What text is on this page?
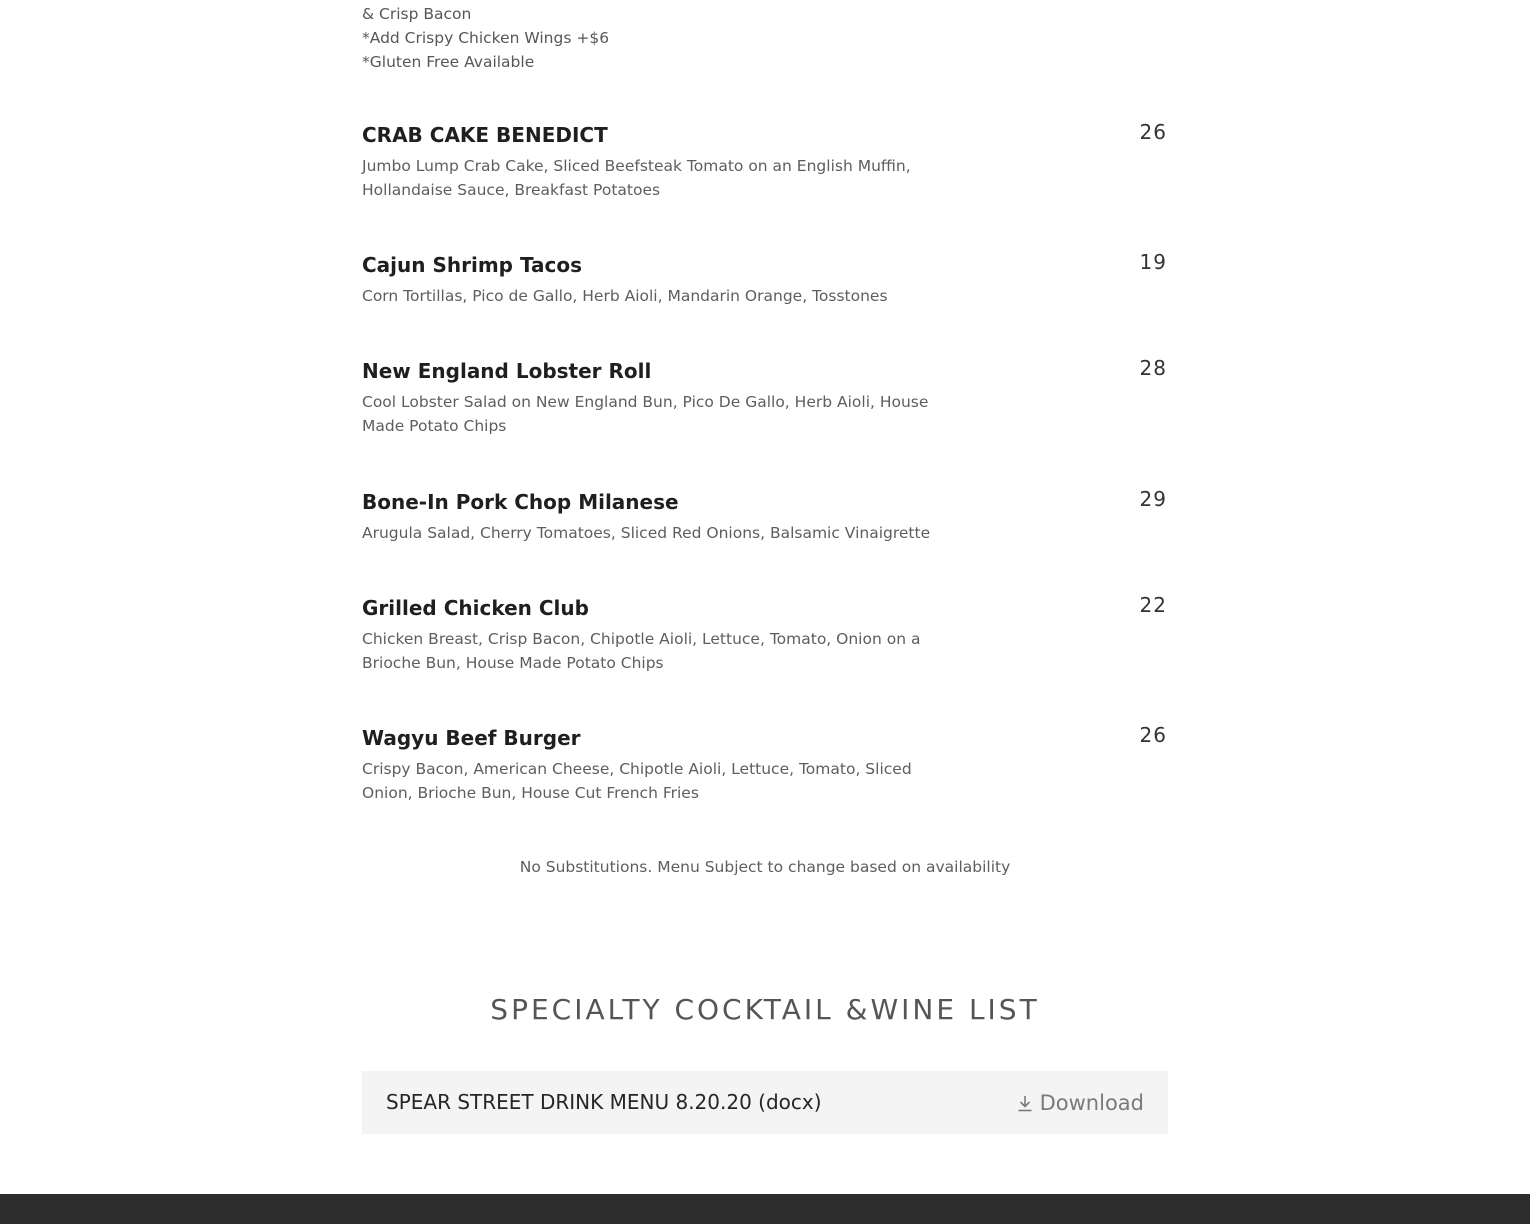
& Crisp Bacon
*Add Crispy Chicken Wings +$6
*Gluten Free Available
CRAB CAKE BENEDICT	26
Jumbo Lump Crab Cake, Sliced Beefsteak Tomato on an English Muffin, Hollandaise Sauce, Breakfast Potatoes
Cajun Shrimp Tacos	19
Corn Tortillas, Pico de Gallo, Herb Aioli, Mandarin Orange, Tosstones
New England Lobster Roll	28
Cool Lobster Salad on New England Bun, Pico De Gallo, Herb Aioli, House Made Potato Chips
Bone-In Pork Chop Milanese	29
Arugula Salad, Cherry Tomatoes, Sliced Red Onions, Balsamic Vinaigrette
Grilled Chicken Club	22
Chicken Breast, Crisp Bacon, Chipotle Aioli, Lettuce, Tomato, Onion on a Brioche Bun, House Made Potato Chips
Wagyu Beef Burger	26
Crispy Bacon, American Cheese, Chipotle Aioli, Lettuce, Tomato, Sliced Onion, Brioche Bun, House Cut French Fries
No Substitutions. Menu Subject to change based on availability
SPECIALTY COCKTAIL &WINE LIST
SPEAR STREET DRINK MENU 8.20.20 (docx)	Download
